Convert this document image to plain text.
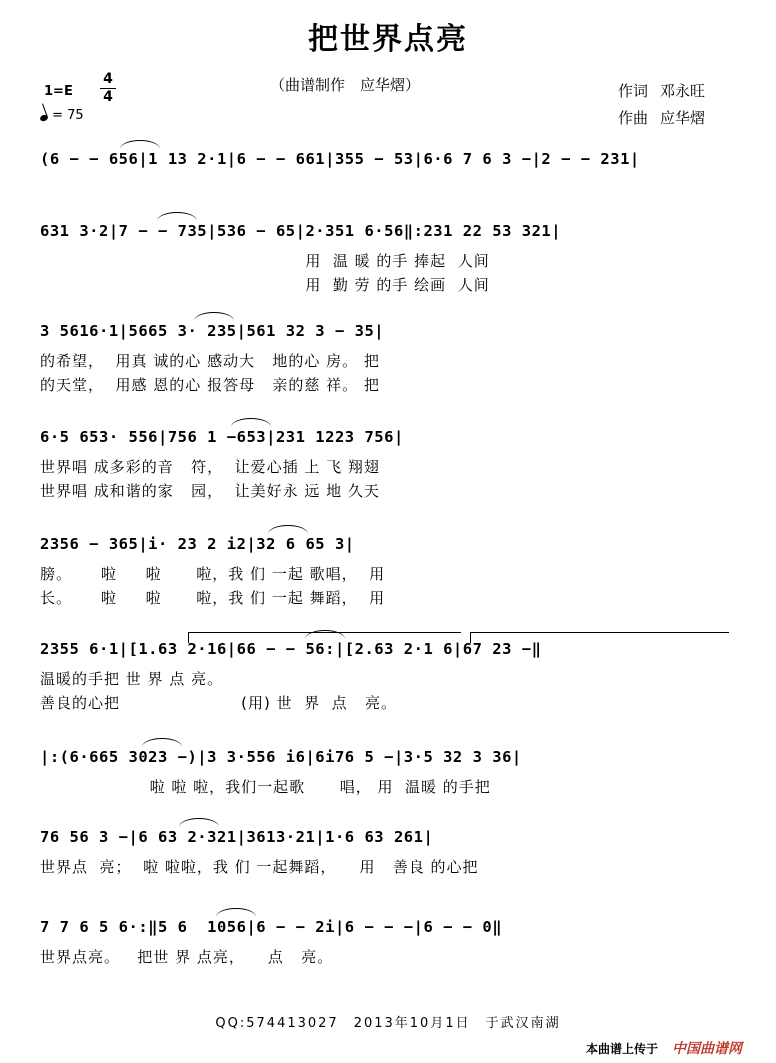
把世界点亮
（曲谱制作　应华熠）
1=E
4
4
= 75
作词 邓永旺
作曲 应华熠
(6 − − 656|1 13 2·1|6 − − 661|355 − 53|6·6 7 6 3 −|2 − − 231|
631 3·2|7 − − 735|536 − 65|2·351 6·56‖:231 22 53 321|
用  温 暖 的手 捧起  人间
用  勤 劳 的手 绘画  人间
3 5616·1|5665 3· 235|561 32 3 − 35|
的希望，  用真 诚的心 感动大   地的心 房。 把
的天堂，  用感 恩的心 报答母   亲的慈 祥。 把
6·5 653· 556|756 1 −653|231 1223 756|
世界唱 成多彩的音   符，  让爱心插 上 飞 翔翅
世界唱 成和谐的家   园，  让美好永 远 地 久天
2356 − 365|i· 23 2 i2|32 6 65 3|
膀。     啦     啦      啦，我 们 一起 歌唱，  用
长。     啦     啦      啦，我 们 一起 舞蹈，  用
2355 6·1|[1.63 2·16|66 − − 56:|[2.63 2·1 6|67 23 −‖
温暖的手把 世 界 点 亮。
善良的心把                     (用) 世  界  点   亮。
|:(6·665 3023 −)|3 3·556 i6|6i76 5 −|3·5 32 3 36|
啦 啦 啦，我们一起歌      唱， 用  温暖 的手把
76 56 3 −|6 63 2·321|3613·21|1·6 63 261|
世界点  亮；  啦 啦啦，我 们 一起舞蹈，    用   善良 的心把
7 7 6 5 6·:‖5 6  1056|6 − − 2i|6 − − −|6 − − 0‖
世界点亮。   把世 界 点亮，    点   亮。
QQ:574413027　2013年10月1日　于武汉南湖
本曲谱上传于 中国曲谱网
